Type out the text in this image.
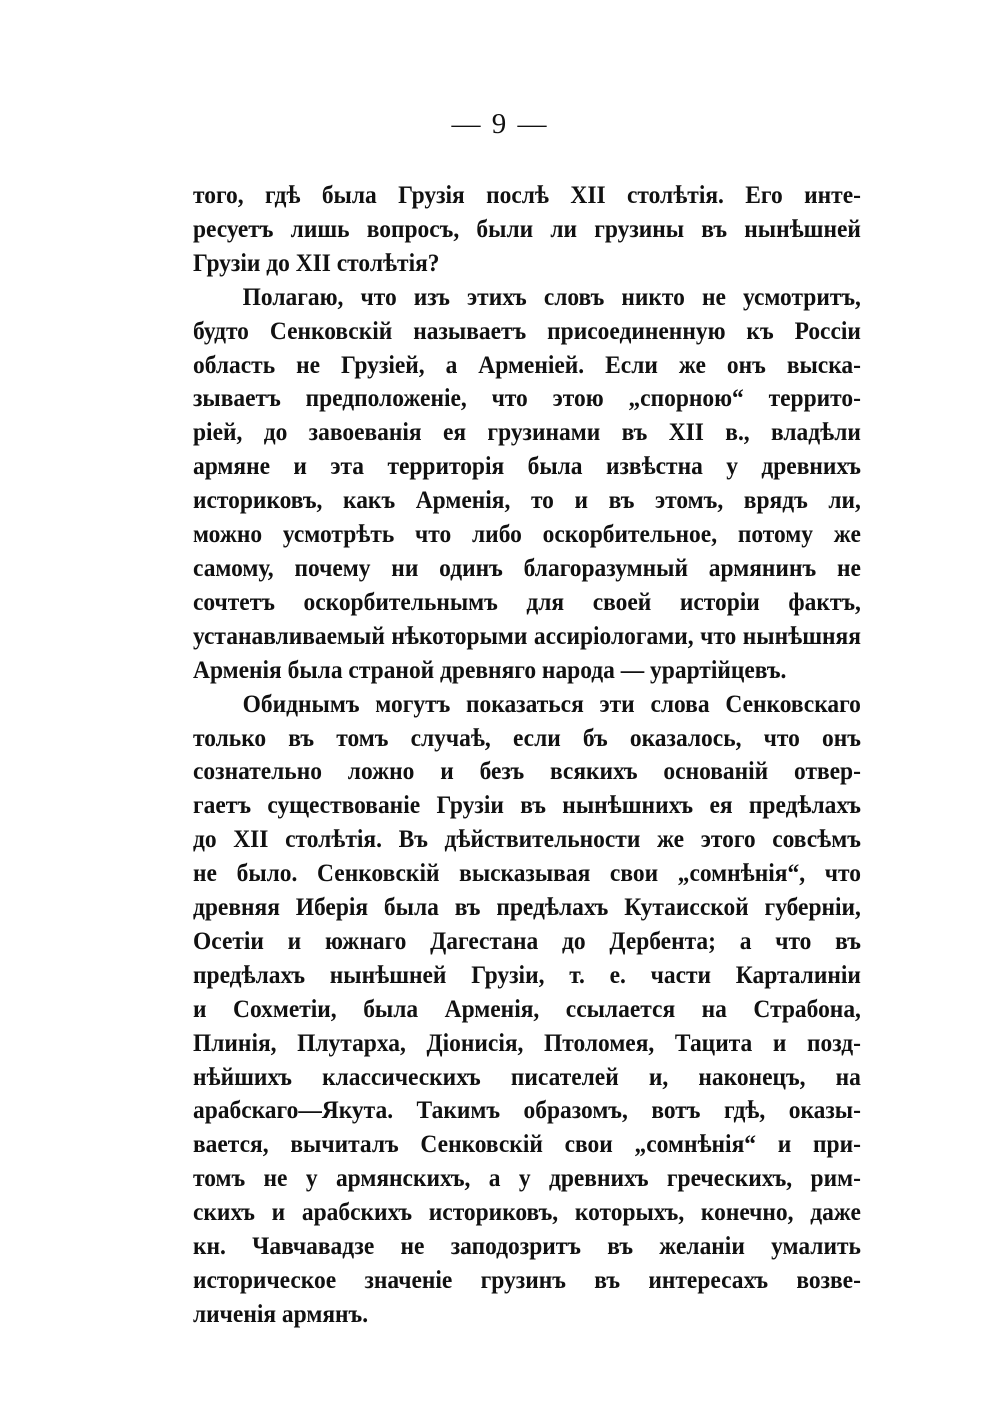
— 9 —
того, гдѣ была Грузія послѣ XII столѣтія. Его инте-
ресуетъ лишь вопросъ, были ли грузины въ нынѣшней
Грузіи до XII столѣтія?
Полагаю, что изъ этихъ словъ никто не усмотритъ,
будто Сенковскій называетъ присоединенную къ Россіи
область не Грузіей, а Арменіей. Если же онъ выска-
зываетъ предположеніе, что этою „спорною“ террито-
ріей, до завоеванія ея грузинами въ XII в., владѣли
армяне и эта территорія была извѣстна у древнихъ
историковъ, какъ Арменія, то и въ этомъ, врядъ ли,
можно усмотрѣть что либо оскорбительное, потому же
самому, почему ни одинъ благоразумный армянинъ не
сочтетъ оскорбительнымъ для своей исторіи фактъ,
устанавливаемый нѣкоторыми ассиріологами, что нынѣшняя
Арменія была страной древняго народа — урартійцевъ.
Обиднымъ могутъ показаться эти слова Сенковскаго
только въ томъ случаѣ, если бъ оказалось, что онъ
сознательно ложно и безъ всякихъ основаній отвер-
гаетъ существованіе Грузіи въ нынѣшнихъ ея предѣлахъ
до XII столѣтія. Въ дѣйствительности же этого совсѣмъ
не было. Сенковскій высказывая свои „сомнѣнія“, что
древняя Иберія была въ предѣлахъ Кутаисской губерніи,
Осетіи и южнаго Дагестана до Дербента; а что въ
предѣлахъ нынѣшней Грузіи, т. е. части Карталиніи
и Сохметіи, была Арменія, ссылается на Страбона,
Плинія, Плутарха, Діонисія, Птоломея, Тацита и позд-
нѣйшихъ классическихъ писателей и, наконецъ, на
арабскаго—Якута. Такимъ образомъ, вотъ гдѣ, оказы-
вается, вычиталъ Сенковскій свои „сомнѣнія“ и при-
томъ не у армянскихъ, а у древнихъ греческихъ, рим-
скихъ и арабскихъ историковъ, которыхъ, конечно, даже
кн. Чавчавадзе не заподозритъ въ желаніи умалить
историческое значеніе грузинъ въ интересахъ возве-
личенія армянъ.
